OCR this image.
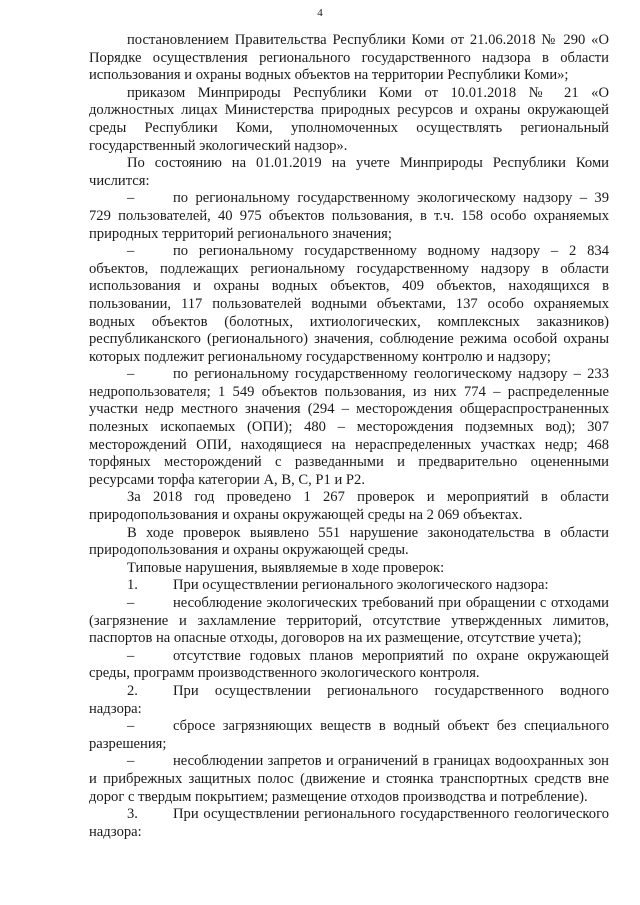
4

постановлением Правительства Республики Коми от 21.06.2018 № 290 «О Порядке осуществления регионального государственного надзора в области использования и охраны водных объектов на территории Республики Коми»;

приказом Минприроды Республики Коми от 10.01.2018 № 21 «О должностных лицах Министерства природных ресурсов и охраны окружающей среды Республики Коми, уполномоченных осуществлять региональный государственный экологический надзор».

По состоянию на 01.01.2019 на учете Минприроды Республики Коми числится:

–	по региональному государственному экологическому надзору – 39 729 пользователей, 40 975 объектов пользования, в т.ч. 158 особо охраняемых природных территорий регионального значения;

–	по региональному государственному водному надзору – 2 834 объектов, подлежащих региональному государственному надзору в области использования и охраны водных объектов, 409 объектов, находящихся в пользовании, 117 пользователей водными объектами, 137 особо охраняемых водных объектов (болотных, ихтиологических, комплексных заказников) республиканского (регионального) значения, соблюдение режима особой охраны которых подлежит региональному государственному контролю и надзору;

–	по региональному государственному геологическому надзору – 233 недропользователя; 1 549 объектов пользования, из них 774 – распределенные участки недр местного значения (294 – месторождения общераспространенных полезных ископаемых (ОПИ); 480 – месторождения подземных вод); 307 месторождений ОПИ, находящиеся на нераспределенных участках недр; 468 торфяных месторождений с разведанными и предварительно оцененными ресурсами торфа категории А, В, С, Р1 и Р2.

За 2018 год проведено 1 267 проверок и мероприятий в области природопользования и охраны окружающей среды на 2 069 объектах.

В ходе проверок выявлено 551 нарушение законодательства в области природопользования и охраны окружающей среды.

Типовые нарушения, выявляемые в ходе проверок:

1. При осуществлении регионального экологического надзора:

–	несоблюдение экологических требований при обращении с отходами (загрязнение и захламление территорий, отсутствие утвержденных лимитов, паспортов на опасные отходы, договоров на их размещение, отсутствие учета);

–	отсутствие годовых планов мероприятий по охране окружающей среды, программ производственного экологического контроля.

2. При осуществлении регионального государственного водного надзора:

–	сбросе загрязняющих веществ в водный объект без специального разрешения;

–	несоблюдении запретов и ограничений в границах водоохранных зон и прибрежных защитных полос (движение и стоянка транспортных средств вне дорог с твердым покрытием; размещение отходов производства и потребление).

3. При осуществлении регионального государственного геологического надзора:
